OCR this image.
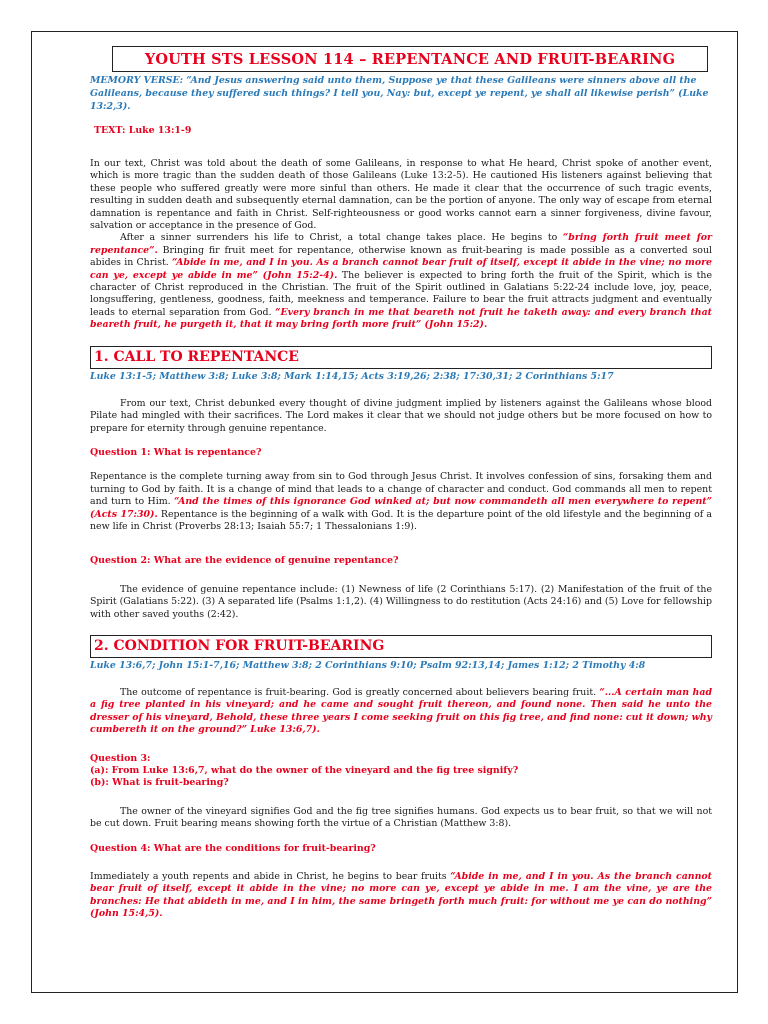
YOUTH STS LESSON 114 – REPENTANCE AND FRUIT-BEARING
MEMORY VERSE: “And Jesus answering said unto them, Suppose ye that these Galileans were sinners above all the Galileans, because they suffered such things? I tell you, Nay: but, except ye repent, ye shall all likewise perish” (Luke 13:2,3).
TEXT: Luke 13:1-9

In our text, Christ was told about the death of some Galileans, in response to what He heard, Christ spoke of another event, which is more tragic than the sudden death of those Galileans (Luke 13:2-5). He cautioned His listeners against believing that these people who suffered greatly were more sinful than others. He made it clear that the occurrence of such tragic events, resulting in sudden death and subsequently eternal damnation, can be the portion of anyone. The only way of escape from eternal damnation is repentance and faith in Christ. Self-righteousness or good works cannot earn a sinner forgiveness, divine favour, salvation or acceptance in the presence of God.

After a sinner surrenders his life to Christ, a total change takes place. He begins to “bring forth fruit meet for repentance”. Bringing fir fruit meet for repentance, otherwise known as fruit-bearing is made possible as a converted soul abides in Christ. “Abide in me, and I in you. As a branch cannot bear fruit of itself, except it abide in the vine; no more can ye, except ye abide in me” (John 15:2-4). The believer is expected to bring forth the fruit of the Spirit, which is the character of Christ reproduced in the Christian. The fruit of the Spirit outlined in Galatians 5:22-24 include love, joy, peace, longsuffering, gentleness, goodness, faith, meekness and temperance. Failure to bear the fruit attracts judgment and eventually leads to eternal separation from God. “Every branch in me that beareth not fruit he taketh away: and every branch that beareth fruit, he purgeth it, that it may bring forth more fruit” (John 15:2).

1. CALL TO REPENTANCE
Luke 13:1-5; Matthew 3:8; Luke 3:8; Mark 1:14,15; Acts 3:19,26; 2:38; 17:30,31; 2 Corinthians 5:17

From our text, Christ debunked every thought of divine judgment implied by listeners against the Galileans whose blood Pilate had mingled with their sacrifices. The Lord makes it clear that we should not judge others but be more focused on how to prepare for eternity through genuine repentance.

Question 1: What is repentance?

Repentance is the complete turning away from sin to God through Jesus Christ. It involves confession of sins, forsaking them and turning to God by faith. It is a change of mind that leads to a change of character and conduct. God commands all men to repent and turn to Him. “And the times of this ignorance God winked at; but now commandeth all men everywhere to repent” (Acts 17:30). Repentance is the beginning of a walk with God. It is the departure point of the old lifestyle and the beginning of a new life in Christ (Proverbs 28:13; Isaiah 55:7; 1 Thessalonians 1:9).

Question 2: What are the evidence of genuine repentance?

The evidence of genuine repentance include: (1) Newness of life (2 Corinthians 5:17). (2) Manifestation of the fruit of the Spirit (Galatians 5:22). (3) A separated life (Psalms 1:1,2). (4) Willingness to do restitution (Acts 24:16) and (5) Love for fellowship with other saved youths (2:42).

2. CONDITION FOR FRUIT-BEARING
Luke 13:6,7; John 15:1-7,16; Matthew 3:8; 2 Corinthians 9:10; Psalm 92:13,14; James 1:12; 2 Timothy 4:8

The outcome of repentance is fruit-bearing. God is greatly concerned about believers bearing fruit. “...A certain man had a fig tree planted in his vineyard; and he came and sought fruit thereon, and found none. Then said he unto the dresser of his vineyard, Behold, these three years I come seeking fruit on this fig tree, and find none: cut it down; why cumbereth it on the ground?” Luke 13:6,7).

Question 3:
(a): From Luke 13:6,7, what do the owner of the vineyard and the fig tree signify?
(b): What is fruit-bearing?

The owner of the vineyard signifies God and the fig tree signifies humans. God expects us to bear fruit, so that we will not be cut down. Fruit bearing means showing forth the virtue of a Christian (Matthew 3:8).

Question 4: What are the conditions for fruit-bearing?

Immediately a youth repents and abide in Christ, he begins to bear fruits “Abide in me, and I in you. As the branch cannot bear fruit of itself, except it abide in the vine; no more can ye, except ye abide in me. I am the vine, ye are the branches: He that abideth in me, and I in him, the same bringeth forth much fruit: for without me ye can do nothing” (John 15:4,5).
